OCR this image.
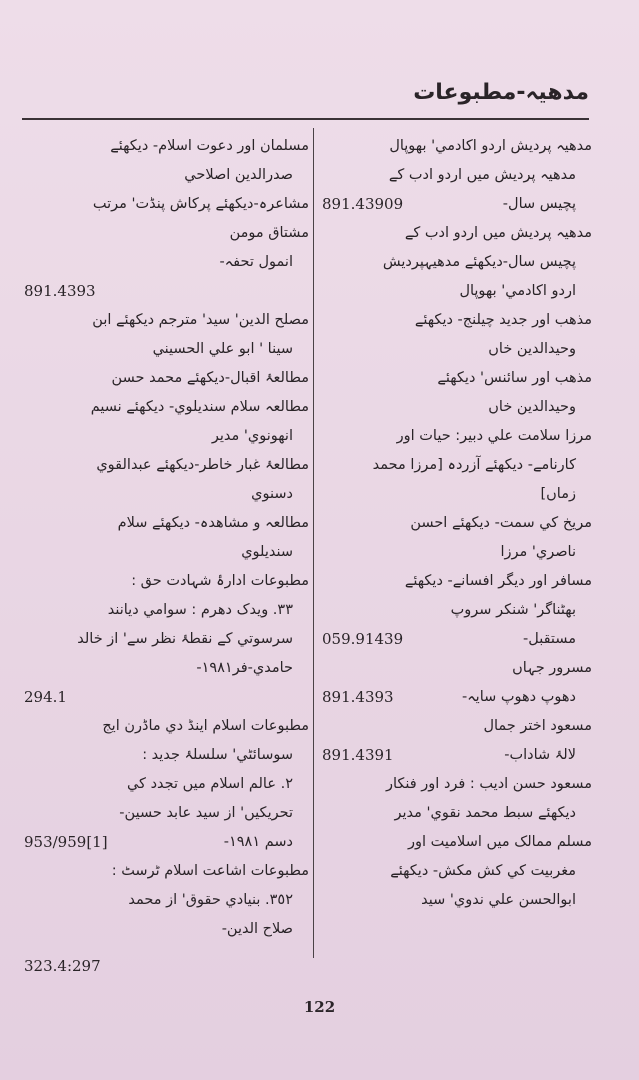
مدھیہ-مطبوعات
مدھیہ پردیش اردو اکادمي' بھوپال
مدھیہ پردیش میں اردو ادب کے
پچیس سال-
891.43909
مدھیہ پردیش میں اردو ادب کے
پچیس سال-دیکھئے مدھیہپردیش
اردو اکادمي' بھوپال
مذھب اور جدید چیلنج- دیکھئے
وحیدالدین خاں
مذھب اور سائنس' دیکھئے
وحیدالدین خاں
مرزا سلامت علي دبیر: حیات اور
کارنامے- دیکھئے آزردہ [مرزا محمد
زماں]
مریخ کي سمت- دیکھئے احسن
ناصري' مرزا
مسافر اور دیگر افسانے- دیکھئے
بھٹناگر' شنکر سروپ
مستقبل-
059.91439
مسرور جہاں
دھوپ دھوپ سایہ-
891.4393
مسعود اختر جمال
لالۂ شاداب-
891.4391
مسعود حسن ادیب : فرد اور فنکار
دیکھئے سبط محمد نقوي' مدیر
مسلم ممالک میں اسلامیت اور
مغربیت کي کش مکش- دیکھئے
ابوالحسن علي ندوي' سید
مسلمان اور دعوت اسلام- دیکھئے
صدرالدین اصلاحي
مشاعرہ-دیکھئے پرکاش پنڈت' مرتب
مشتاق مومن
انمول تحفہ-
891.4393
مصلح الدین' سید' مترجم دیکھئے ابن
سینا ' ابو علي الحسیني
مطالعۂ اقبال-دیکھئے محمد حسن
مطالعہ سلام سندیلوي- دیکھئے نسیم
انھونوي' مدیر
مطالعۂ غبار خاطر-دیکھئے عبدالقوي
دسنوي
مطالعہ و مشاھدہ- دیکھئے سلام
سندیلوي
مطبوعات ادارۂ شہادت حق :
٣٣. ویدک دھرم : سوامي دیانند
سرسوتي کے نقطۂ نظر سے' از خالد
حامدي-فر١٩٨١-
294.1
مطبوعات اسلام اینڈ دي ماڈرن ایج
سوسائٹي' سلسلۂ جدید :
٢. عالم اسلام میں تجدد کي
تحریکیں' از سید عابد حسین-
دسم ١٩٨١-
953/959[1]
مطبوعات اشاعت اسلام ٹرسٹ :
٣٥٢. بنیادي حقوق' از محمد
صلاح الدین-
323.4:297
122
